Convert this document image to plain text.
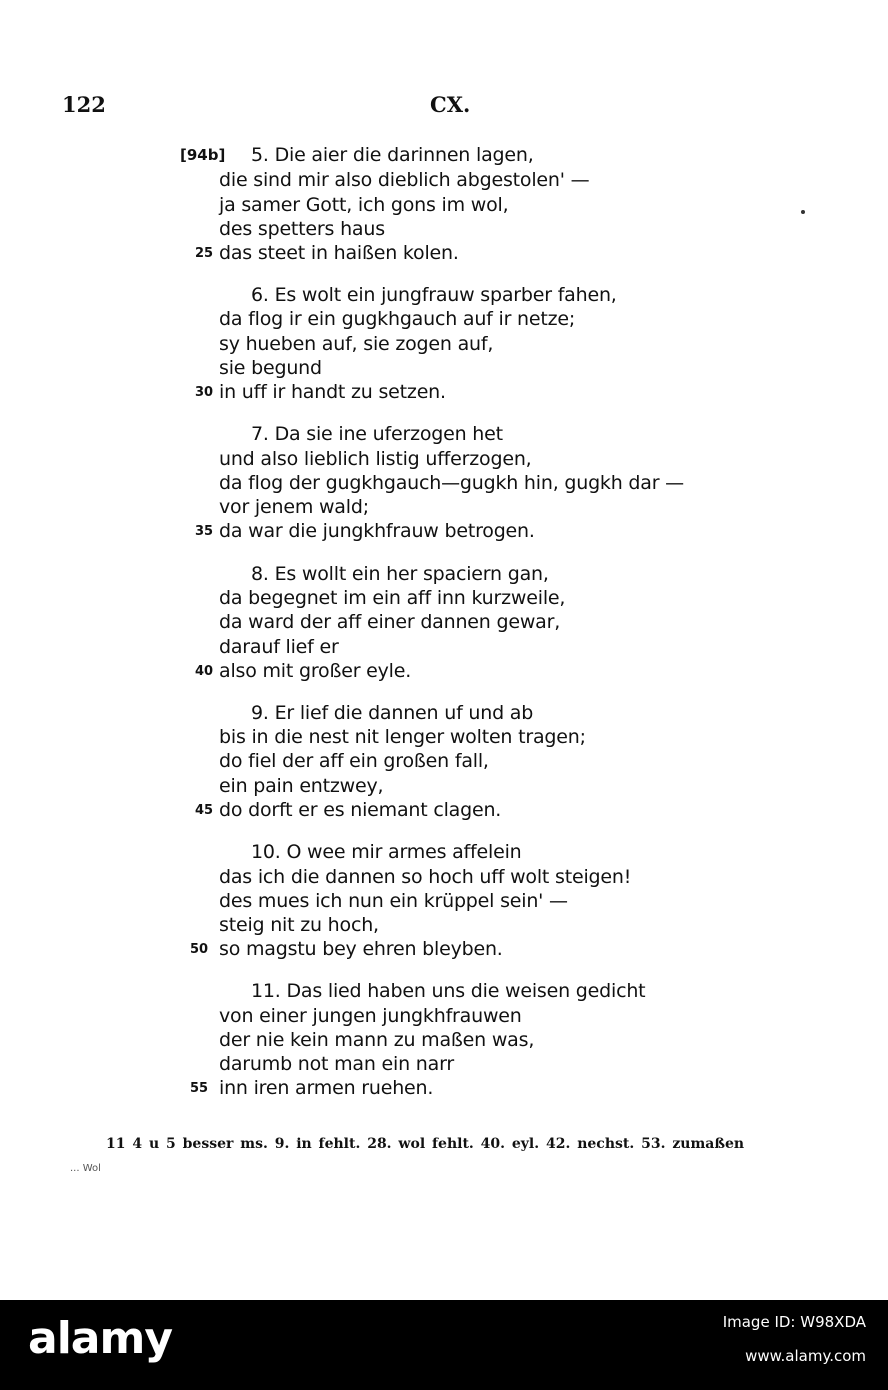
122	CX.
[94b] 5. Die aier die darinnen lagen,
die sind mir also dieblich abgestolen' —
ja samer Gott, ich gons im wol,
des spetters haus
25 das steet in haißen kolen.
6. Es wolt ein jungfrauw sparber fahen,
da flog ir ein gugkhgauch auf ir netze;
sy hueben auf, sie zogen auf,
sie begund
30 in uff ir handt zu setzen.
7. Da sie ine uferzogen het
und also lieblich listig ufferzogen,
da flog der gugkhgauch—gugkh hin, gugkh dar —
vor jenem wald;
35 da war die jungkhfrauw betrogen.
8. Es wollt ein her spaciern gan,
da begegnet im ein aff inn kurzweile,
da ward der aff einer dannen gewar,
darauf lief er
40 also mit großer eyle.
9. Er lief die dannen uf und ab
bis in die nest nit lenger wolten tragen;
do fiel der aff ein großen fall,
ein pain entzwey,
45 do dorft er es niemant clagen.
10. O wee mir armes affelein
das ich die dannen so hoch uff wolt steigen!
des mues ich nun ein krüppel sein' —
steig nit zu hoch,
50 so magstu bey ehren bleyben.
11. Das lied haben uns die weisen gedicht
von einer jungen jungkhfrauwen
der nie kein mann zu maßen was,
darumb not man ein narr
55 inn iren armen ruehen.
11 4 u 5 besser ms. 9. in fehlt. 28. wol fehlt. 40. eyl. 42. nechst. 53. zumaßen
... Wol
alamy	Image ID: W98XDA
www.alamy.com
